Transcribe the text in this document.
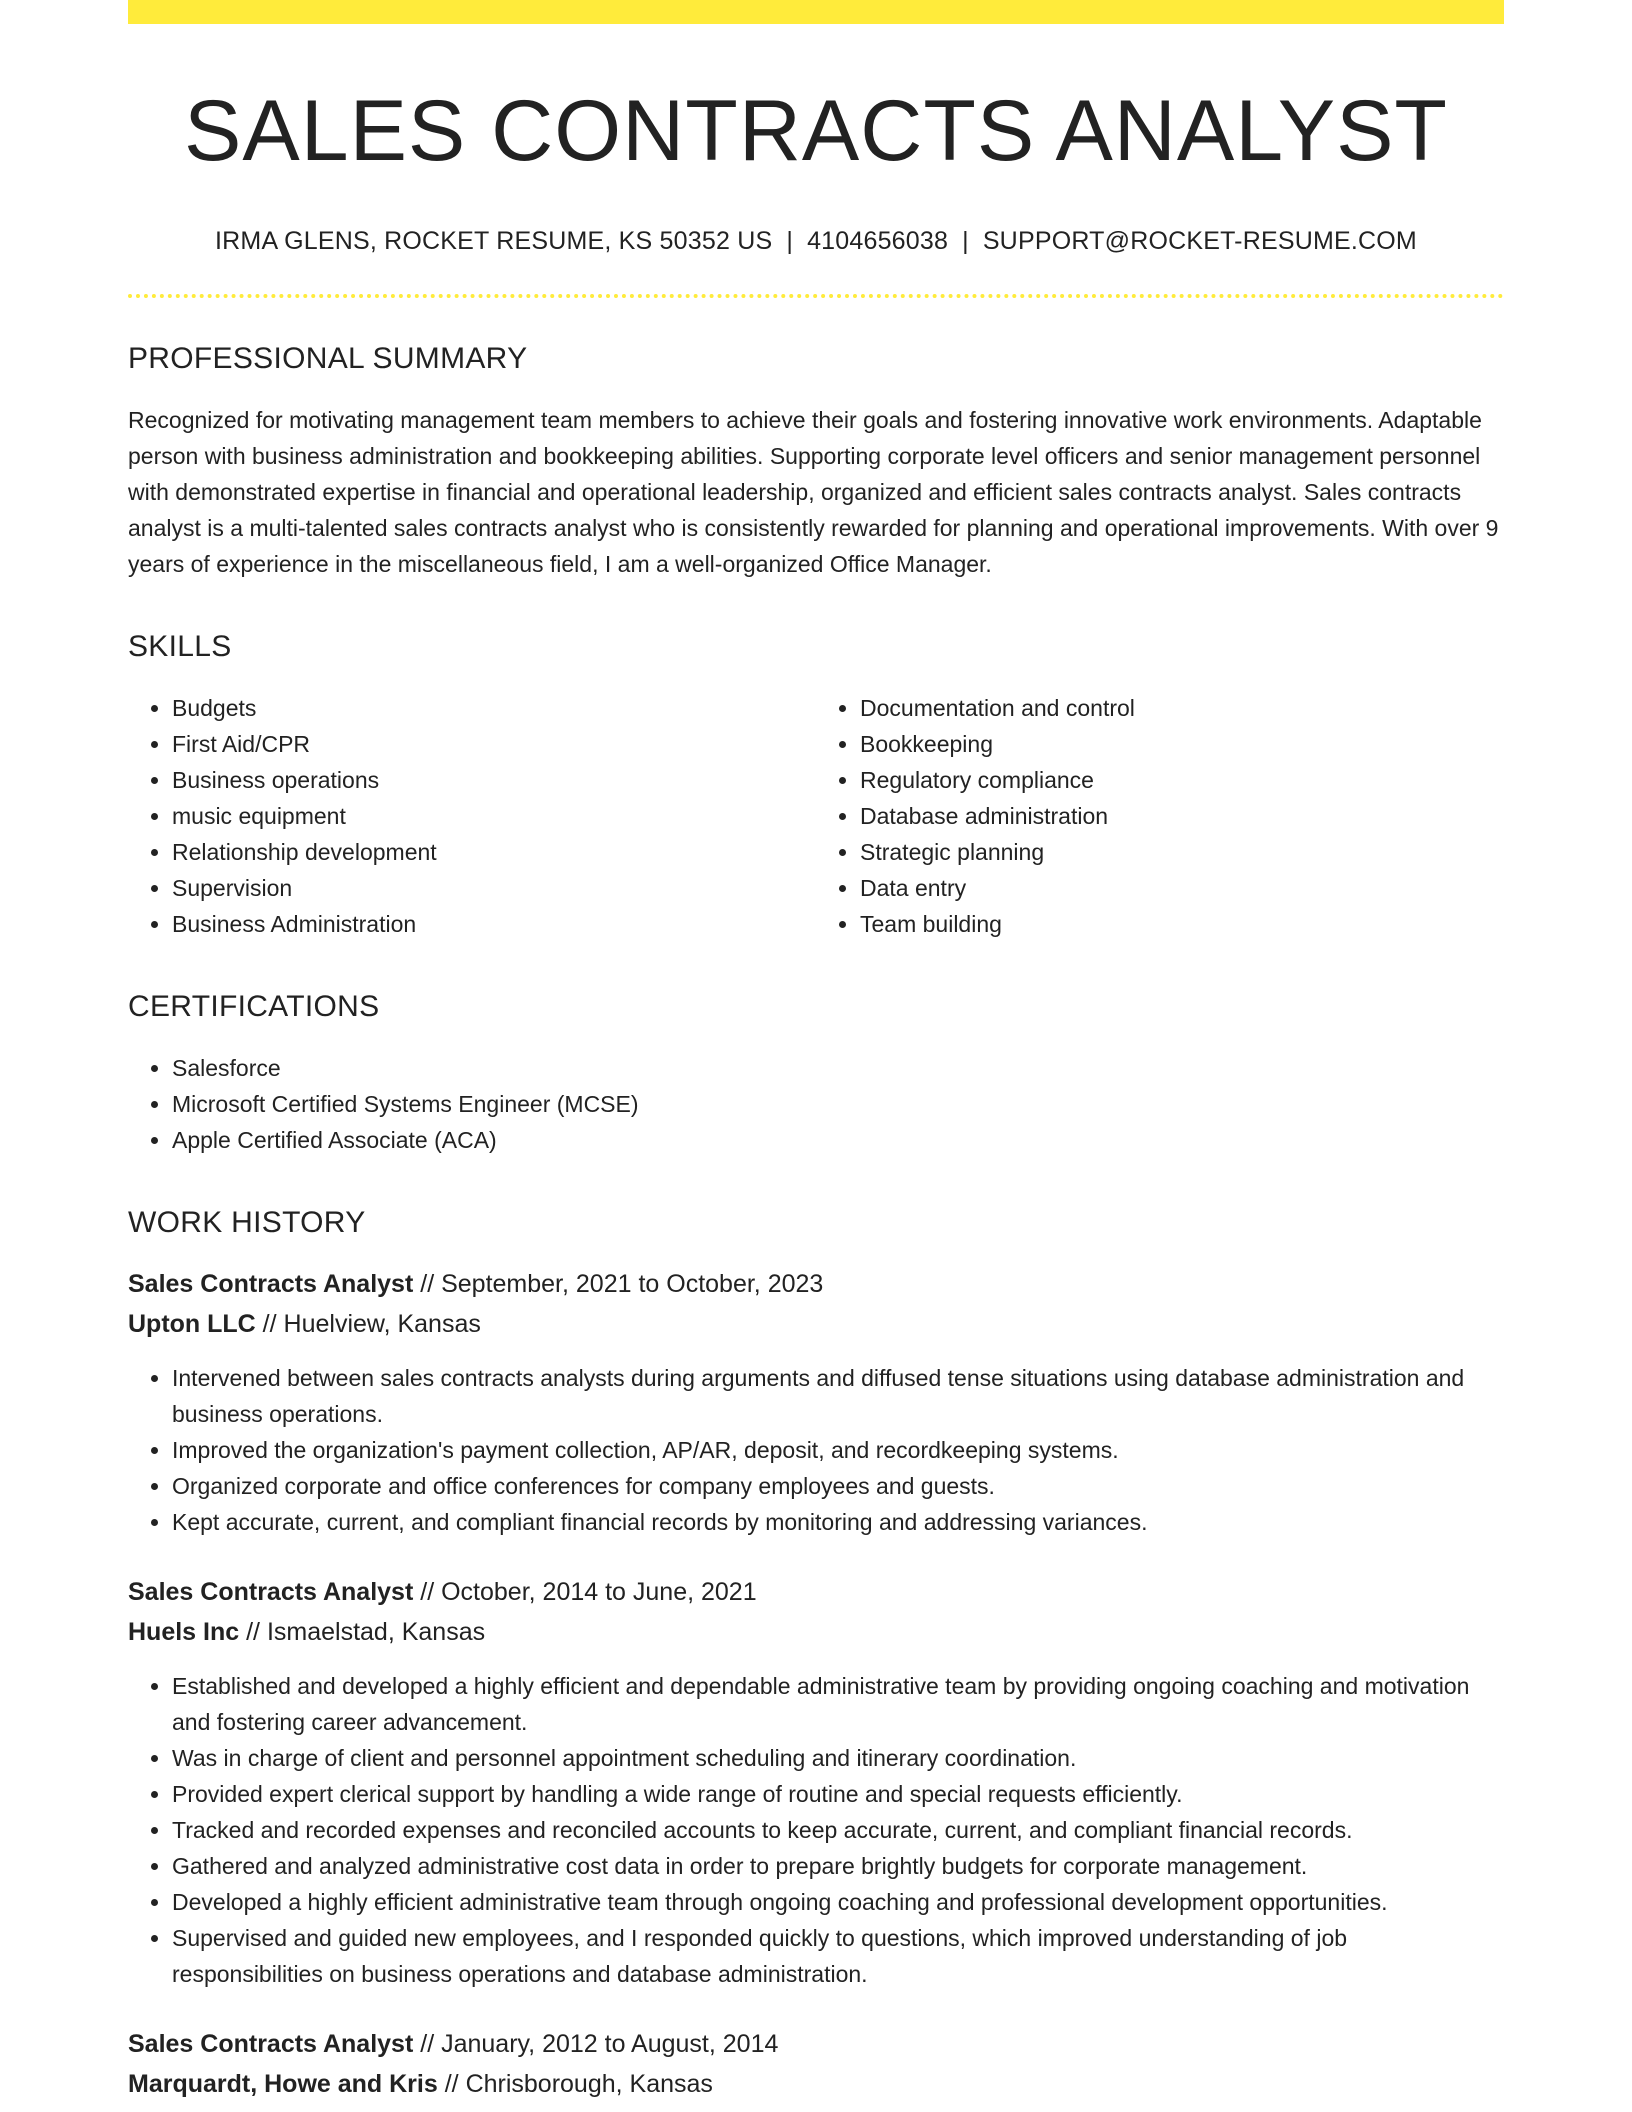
SALES CONTRACTS ANALYST
IRMA GLENS, ROCKET RESUME, KS 50352 US | 4104656038 | SUPPORT@ROCKET-RESUME.COM
PROFESSIONAL SUMMARY

Recognized for motivating management team members to achieve their goals and fostering innovative work environments. Adaptable person with business administration and bookkeeping abilities. Supporting corporate level officers and senior management personnel with demonstrated expertise in financial and operational leadership, organized and efficient sales contracts analyst. Sales contracts analyst is a multi-talented sales contracts analyst who is consistently rewarded for planning and operational improvements. With over 9 years of experience in the miscellaneous field, I am a well-organized Office Manager.

SKILLS
• Budgets
• First Aid/CPR
• Business operations
• music equipment
• Relationship development
• Supervision
• Business Administration
• Documentation and control
• Bookkeeping
• Regulatory compliance
• Database administration
• Strategic planning
• Data entry
• Team building
CERTIFICATIONS
• Salesforce
• Microsoft Certified Systems Engineer (MCSE)
• Apple Certified Associate (ACA)
WORK HISTORY
Sales Contracts Analyst // September, 2021 to October, 2023
Upton LLC // Huelview, Kansas
• Intervened between sales contracts analysts during arguments and diffused tense situations using database administration and business operations.
• Improved the organization's payment collection, AP/AR, deposit, and recordkeeping systems.
• Organized corporate and office conferences for company employees and guests.
• Kept accurate, current, and compliant financial records by monitoring and addressing variances.
Sales Contracts Analyst // October, 2014 to June, 2021
Huels Inc // Ismaelstad, Kansas
• Established and developed a highly efficient and dependable administrative team by providing ongoing coaching and motivation and fostering career advancement.
• Was in charge of client and personnel appointment scheduling and itinerary coordination.
• Provided expert clerical support by handling a wide range of routine and special requests efficiently.
• Tracked and recorded expenses and reconciled accounts to keep accurate, current, and compliant financial records.
• Gathered and analyzed administrative cost data in order to prepare brightly budgets for corporate management.
• Developed a highly efficient administrative team through ongoing coaching and professional development opportunities.
• Supervised and guided new employees, and I responded quickly to questions, which improved understanding of job responsibilities on business operations and database administration.
Sales Contracts Analyst // January, 2012 to August, 2014
Marquardt, Howe and Kris // Chrisborough, Kansas
